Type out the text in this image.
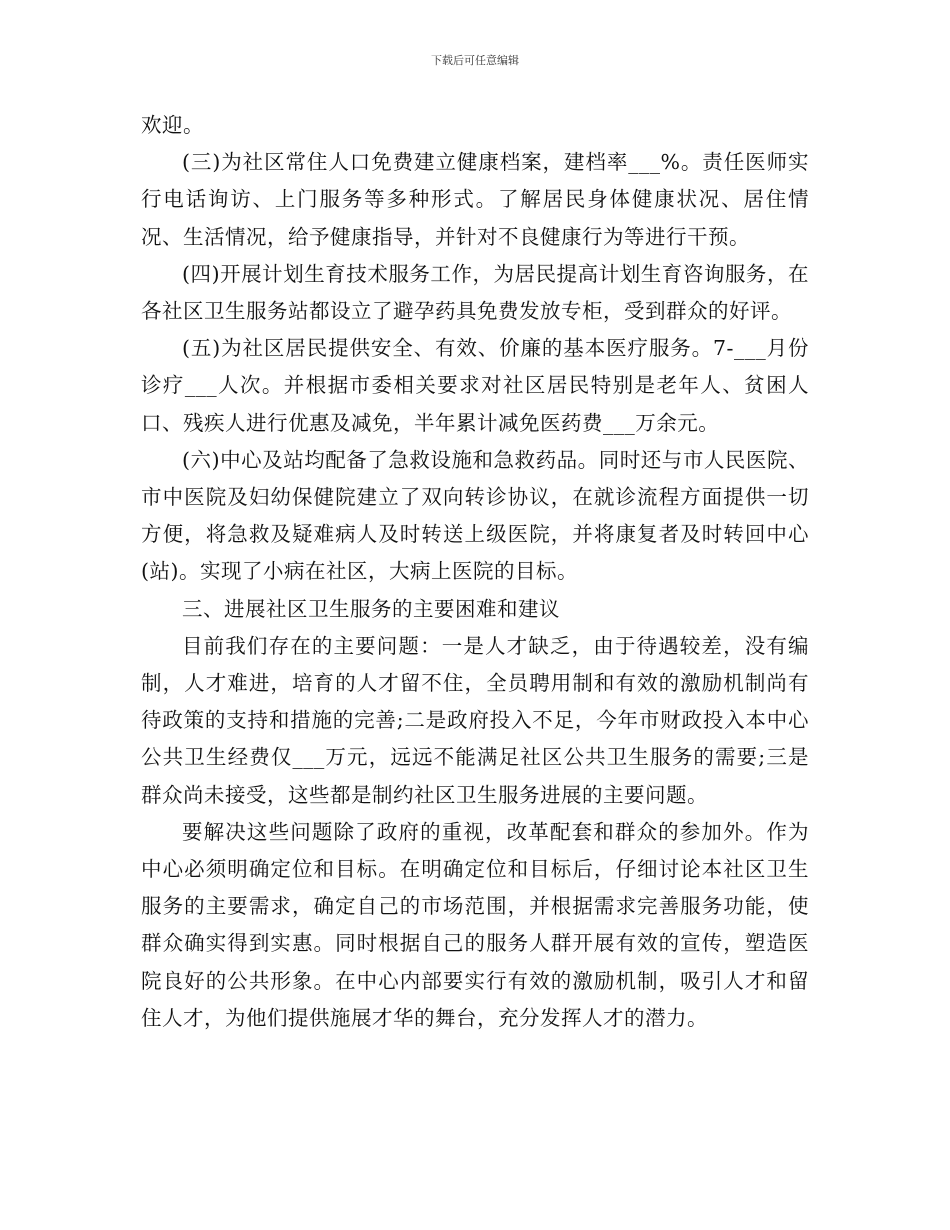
下载后可任意编辑

欢迎。

(三)为社区常住人口免费建立健康档案，建档率___%。责任医师实行电话询访、上门服务等多种形式。了解居民身体健康状况、居住情况、生活情况，给予健康指导，并针对不良健康行为等进行干预。

(四)开展计划生育技术服务工作，为居民提高计划生育咨询服务，在各社区卫生服务站都设立了避孕药具免费发放专柜，受到群众的好评。

(五)为社区居民提供安全、有效、价廉的基本医疗服务。7-___月份诊疗___人次。并根据市委相关要求对社区居民特别是老年人、贫困人口、残疾人进行优惠及减免，半年累计减免医药费___万余元。

(六)中心及站均配备了急救设施和急救药品。同时还与市人民医院、市中医院及妇幼保健院建立了双向转诊协议，在就诊流程方面提供一切方便，将急救及疑难病人及时转送上级医院，并将康复者及时转回中心(站)。实现了小病在社区，大病上医院的目标。

三、进展社区卫生服务的主要困难和建议

目前我们存在的主要问题：一是人才缺乏，由于待遇较差，没有编制，人才难进，培育的人才留不住，全员聘用制和有效的激励机制尚有待政策的支持和措施的完善;二是政府投入不足，今年市财政投入本中心公共卫生经费仅___万元，远远不能满足社区公共卫生服务的需要;三是群众尚未接受，这些都是制约社区卫生服务进展的主要问题。

要解决这些问题除了政府的重视，改革配套和群众的参加外。作为中心必须明确定位和目标。在明确定位和目标后，仔细讨论本社区卫生服务的主要需求，确定自己的市场范围，并根据需求完善服务功能，使群众确实得到实惠。同时根据自己的服务人群开展有效的宣传，塑造医院良好的公共形象。在中心内部要实行有效的激励机制，吸引人才和留住人才，为他们提供施展才华的舞台，充分发挥人才的潜力。
